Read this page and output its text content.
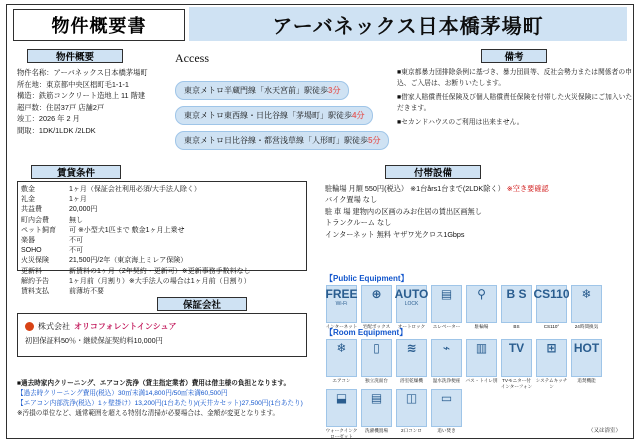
物件概要書	アーバネックス日本橋茅場町
物件概要
物件名称：アーバネックス日本橋茅場町
所在地：東京都中央区椙町毛1-1-1
構造：鉄筋コンクリート造地上 11 階建
超戸数：住居37戸 店舗2戸
竣工：2026 年 2 月
間取：1DK/1LDK /2LDK
Access
東京メトロ半蔵門線「水天宮前」駅徒歩 3分
東京メトロ東西線・日比谷線「茅場町」駅徒歩 4分
東京メトロ日比谷線・都営浅草線「人形町」駅徒歩 5分
備考
■東京都暴力団排除条例に基づき、暴力団員等、反社会勢力または関係者の申込、ご入居は、お断りいたします。
■借家人賠償責任保険及び個人賠償責任保険を付帯した火災保険にご加入いただきます。
■セカンドハウスのご利用は出来ません。
賃貸条件
敷金	1ヶ月（保証会社利用必須/大手法人除く）
礼金	1ヶ月
共益費	20,000円
町内会費	無し
ペット飼育	可 ※小型犬1匹まで 敷金1ヶ月上乗せ
楽器	不可
SOHO	不可
火災保険	21,500円/2年（東京海上ミレア保険）
更新料	新賃料の1ヶ月（2年契約・更新可）※更新事務手数料なし
解約予告	1ヶ月前（月割り）※大手法人の場合は1ヶ月前（日割り）
賃料支払	前薄坊不要
付帯設備
駐輪場 月額 550円(税込） ※1台års1台まで(2LDK除く） ※空き要確認
バイク置場 なし
駐 車 場 建物内の区画のみお住居の賃出区画無し
トランクルーム なし
インターネット 無料 ヤザワ光クロス1Gbps
保証会社
株式会社 オリコフォレントインシュア
初回保証料50％・継続保証契約料10,000円
■過去時家内クリーニング、エアコン洗浄（貸主指定業者）費用は借主様の負担となります。
【過去時クリーニング費用(税込）30㎡未満14,800円/50㎡未満60,500円
【エアコン内部洗浄(税込）1ヶ壁掛け）13,200円(1台あたり)/(天井カセット)27,500円(1台あたり)
※汚損の単位など、通常範囲を超える特別な清掃が必要場合は、金額が変更となります。
【Public Equipment】
FREE
Wi-Fi
インターネット
⊕
宅配ボックス
AUTO
LOCK
オートロック
▤
エレベーター
⚲
駐輪場
B S
BS
CS110
CS110°
❄
24時間換気
【Room Equipment】
❄
エアコン
▯
独立洗面台
≋
浴室乾燥機
⌁
温水洗浄便座
▥
バス・トイレ別
TV
TVモニター付インターフォン
⊞
システムキッチン
HOT
追焚機能
⬓
ウォークインクローゼット
▤
洗濯機置場
◫
2口コンロ
▭
追い焚き	（又は浴室）
